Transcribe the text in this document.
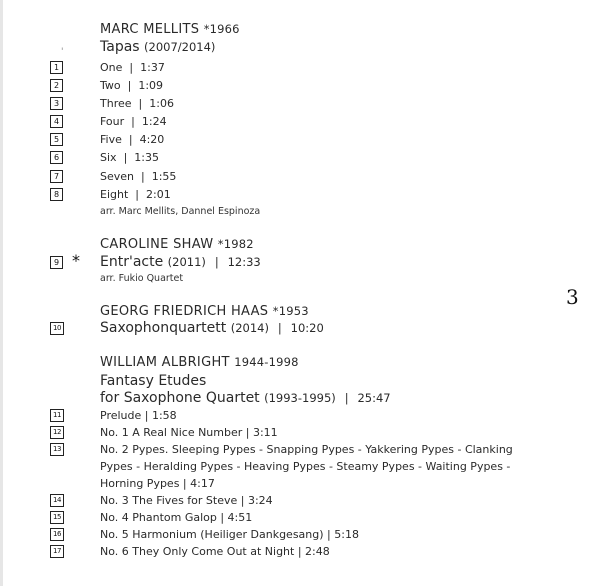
'
MARC MELLITS *1966
Tapas (2007/2014)
1	One | 1:37
2	Two | 1:09
3	Three | 1:06
4	Four | 1:24
5	Five | 4:20
6	Six | 1:35
7	Seven | 1:55
8	Eight | 2:01
arr. Marc Mellits, Dannel Espinoza
CAROLINE SHAW *1982
9 * Entr'acte (2011) | 12:33
arr. Fukio Quartet
GEORG FRIEDRICH HAAS *1953
10	Saxophonquartett (2014) | 10:20
3
WILLIAM ALBRIGHT 1944-1998
Fantasy Etudes
for Saxophone Quartet (1993-1995) | 25:47
11	Prelude | 1:58
12	No. 1 A Real Nice Number | 3:11
13	No. 2 Pypes. Sleeping Pypes - Snapping Pypes - Yakkering Pypes - Clanking
Pypes - Heralding Pypes - Heaving Pypes - Steamy Pypes - Waiting Pypes -
Horning Pypes | 4:17
14	No. 3 The Fives for Steve | 3:24
15	No. 4 Phantom Galop | 4:51
16	No. 5 Harmonium (Heiliger Dankgesang) | 5:18
17	No. 6 They Only Come Out at Night | 2:48
